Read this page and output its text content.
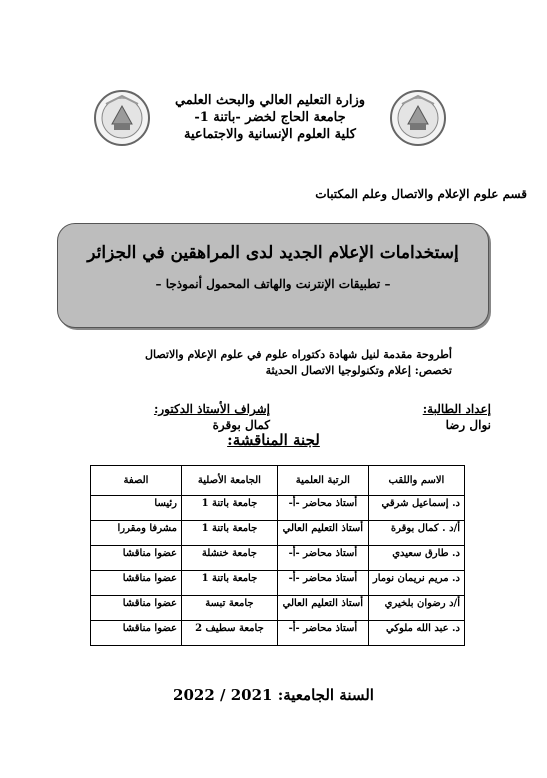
وزارة التعليم العالي والبحث العلمي
جامعة الحاج لخضر -باتنة 1-
كلية العلوم الإنسانية والاجتماعية
قسم علوم الإعلام والاتصال وعلم المكتبات
إستخدامات الإعلام الجديد لدى المراهقين في الجزائر
– تطبيقات الإنترنت والهاتف المحمول أنموذجا –
أطروحة مقدمة لنيل شهادة دكتوراه علوم في علوم الإعلام والاتصال
تخصص: إعلام وتكنولوجيا الاتصال الحديثة
إعداد الطالبة:
نوال رضا
إشراف الأستاذ الدكتور:
كمال بوقرة
لجنة المناقشة:
الاسم واللقب	الرتبة العلمية	الجامعة الأصلية	الصفة
د. إسماعيل شرقي	أستاذ محاضر -أ-	جامعة باتنة 1	رئيسا
أ/د . كمال بوقرة	أستاذ التعليم العالي	جامعة باتنة 1	مشرفا ومقررا
د. طارق سعيدي	أستاذ محاضر -أ-	جامعة خنشلة	عضوا مناقشا
د. مريم نريمان نومار	أستاذ محاضر -أ-	جامعة باتنة 1	عضوا مناقشا
أ/د رضوان بلخيري	أستاذ التعليم العالي	جامعة تبسة	عضوا مناقشا
د. عبد الله ملوكي	أستاذ محاضر -أ-	جامعة سطيف 2	عضوا مناقشا
السنة الجامعية: 2021 / 2022
